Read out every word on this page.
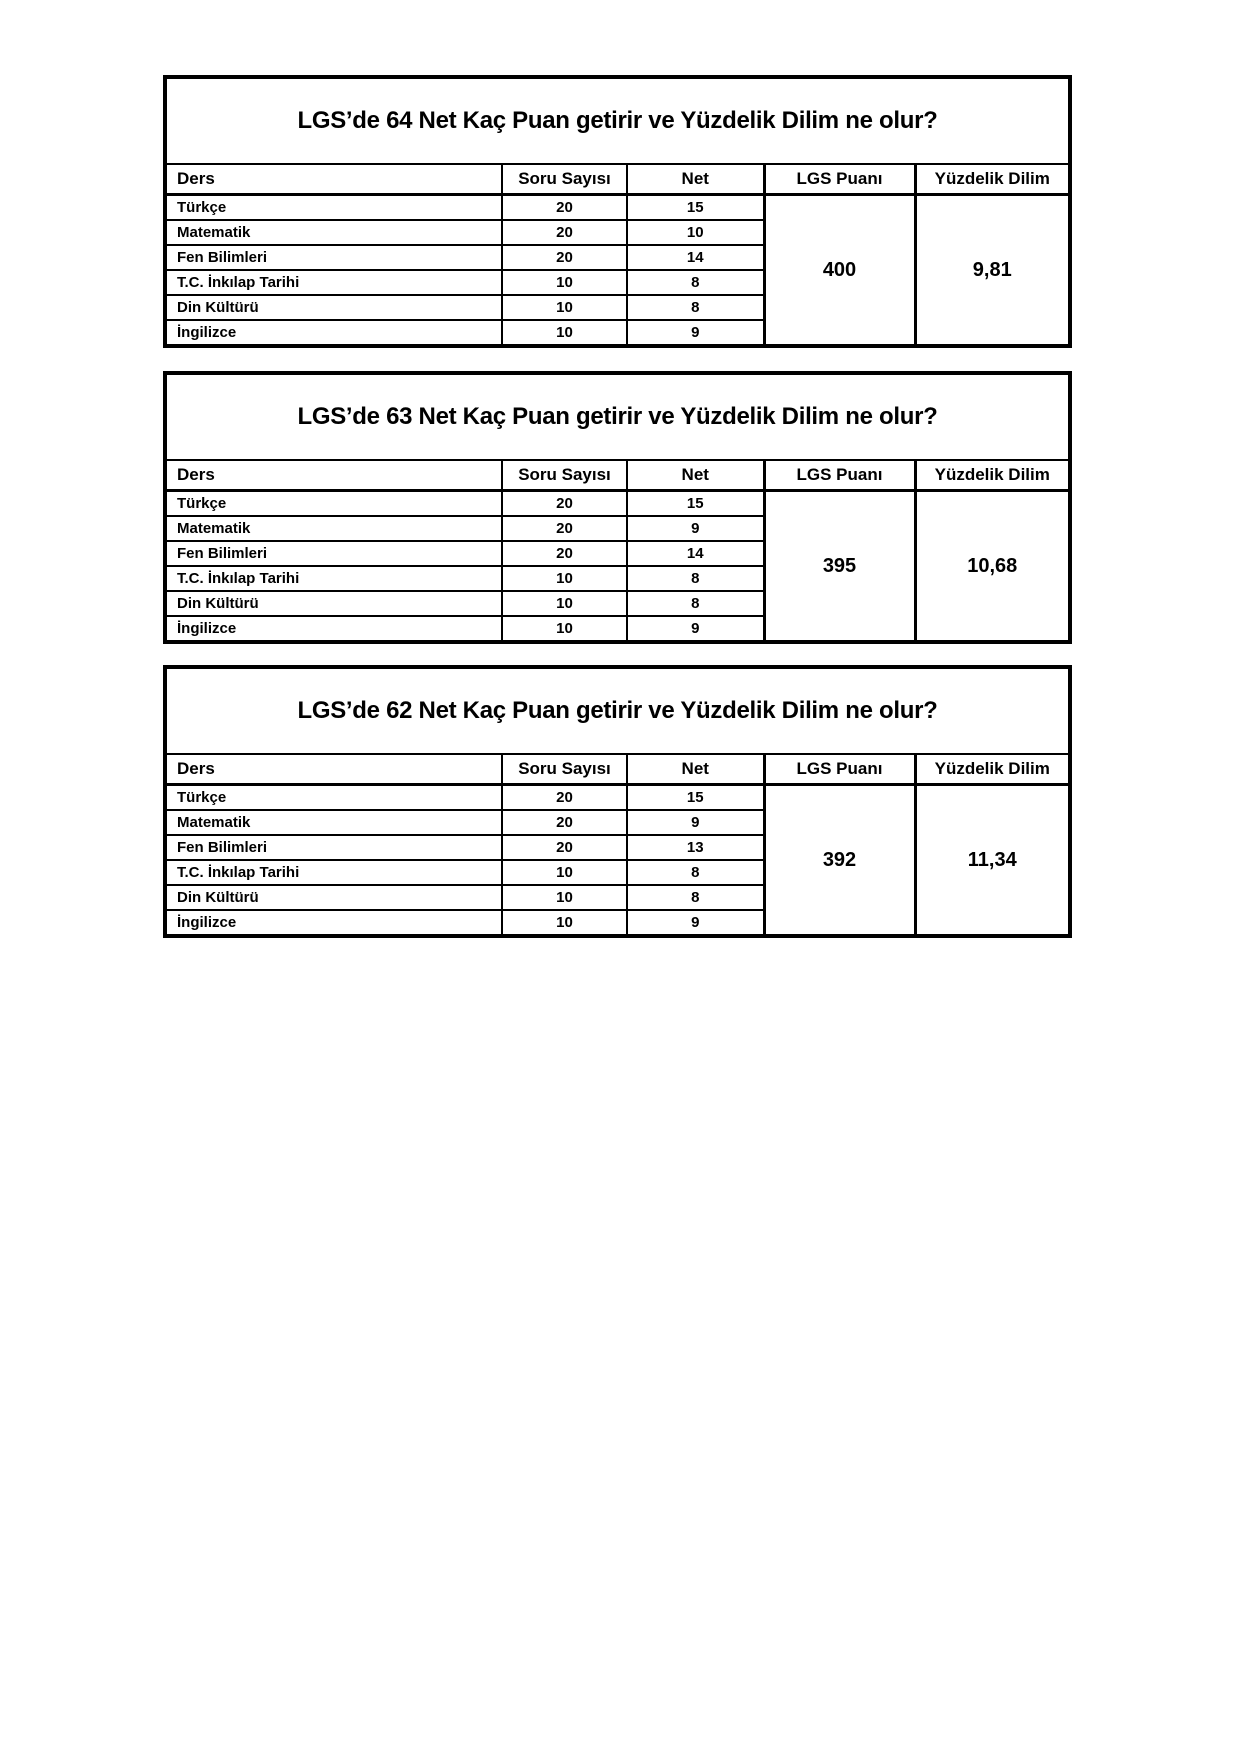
LGS’de 64 Net Kaç Puan getirir ve Yüzdelik Dilim ne olur?				
Ders	Soru Sayısı	Net	LGS Puanı	Yüzdelik Dilim
Türkçe	20	15	400	9,81
Matematik	20	10		
Fen Bilimleri	20	14		
T.C. İnkılap Tarihi	10	8		
Din Kültürü	10	8		
İngilizce	10	9		
LGS’de 63 Net Kaç Puan getirir ve Yüzdelik Dilim ne olur?				
Ders	Soru Sayısı	Net	LGS Puanı	Yüzdelik Dilim
Türkçe	20	15	395	10,68
Matematik	20	9		
Fen Bilimleri	20	14		
T.C. İnkılap Tarihi	10	8		
Din Kültürü	10	8		
İngilizce	10	9		
LGS’de 62 Net Kaç Puan getirir ve Yüzdelik Dilim ne olur?				
Ders	Soru Sayısı	Net	LGS Puanı	Yüzdelik Dilim
Türkçe	20	15	392	11,34
Matematik	20	9		
Fen Bilimleri	20	13		
T.C. İnkılap Tarihi	10	8		
Din Kültürü	10	8		
İngilizce	10	9		
